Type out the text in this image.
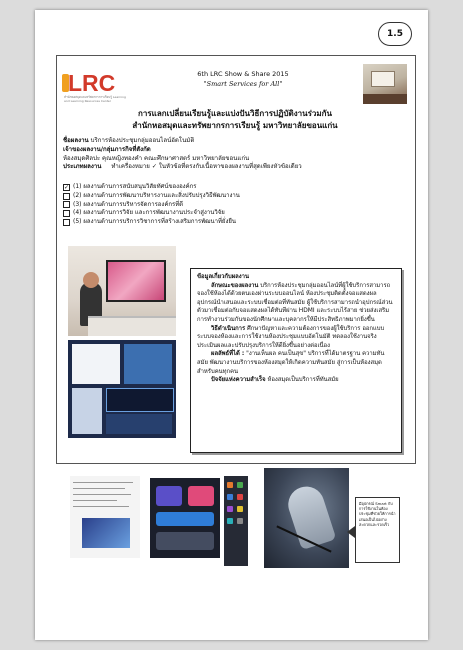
1.5
LRC
สำนักหอสมุดและทรัพยากรการเรียนรู้ Learning and Learning Resources Center
6th LRC Show & Share 2015
"Smart Services for All"
การแลกเปลี่ยนเรียนรู้และแบ่งปันวิธีการปฏิบัติงานร่วมกัน
สำนักหอสมุดและทรัพยากรการเรียนรู้ มหาวิทยาลัยขอนแก่น
ชื่อผลงาน บริการห้องประชุมกลุ่มออนไลน์อัตโนมัติ
เจ้าของผลงาน/กลุ่มภารกิจที่สังกัด
ห้องสมุดศิลปะ คุณหญิงทองคำ คณะศึกษาศาสตร์ มหาวิทยาลัยขอนแก่น
ประเภทผลงาน ทำเครื่องหมาย ✓ ในหัวข้อที่ตรงกับเนื้อหาของผลงานที่สุดเพียงหัวข้อเดียว
✓ (1) ผลงานด้านการสนับสนุนวิสัยทัศน์ขององค์กร
(2) ผลงานด้านการพัฒนาบริหารงานและสิ่งปรับปรุงวิธีพัฒนางาน
(3) ผลงานด้านการบริหารจัดการองค์กรที่ดี
(4) ผลงานด้านการวิจัย และการพัฒนางานประจำสู่งานวิจัย
(5) ผลงานด้านการบริการวิชาการที่สร้างเสริมการพัฒนาที่ยั่งยืน
ข้อมูลเกี่ยวกับผลงาน

ลักษณะของผลงาน บริการห้องประชุมกลุ่มออนไลน์ที่ผู้ใช้บริการสามารถจองใช้ห้องได้ด้วยตนเองผ่านระบบออนไลน์ ห้องประชุมติดตั้งจอแสดงผลอุปกรณ์นำเสนอและระบบเชื่อมต่อที่ทันสมัย ผู้ใช้บริการสามารถนำอุปกรณ์ส่วนตัวมาเชื่อมต่อกับจอแสดงผลได้ทันทีผ่าน HDMI และระบบไร้สาย ช่วยส่งเสริมการทำงานร่วมกันของนักศึกษาและบุคลากรให้มีประสิทธิภาพมากยิ่งขึ้น

วิธีดำเนินการ ศึกษาปัญหาและความต้องการของผู้ใช้บริการ ออกแบบระบบจองห้องและการใช้งานห้องประชุมแบบอัตโนมัติ ทดลองใช้งานจริง ประเมินผลและปรับปรุงบริการให้ดียิ่งขึ้นอย่างต่อเนื่อง

ผลลัพธ์ที่ได้ : "งานเห็นผล คนเป็นสุข" บริการที่ได้มาตรฐาน ความทันสมัย พัฒนางานบริการของห้องสมุดให้เกิดความทันสมัย สู่การเป็นห้องสมุดสำหรับคนทุกคน

ปัจจัยแห่งความสำเร็จ ห้องสมุดเป็นบริการที่ทันสมัย

มีอุปกรณ์ Smart กับการใช้งานในห้องประชุมที่ช่วยให้การนำเสนอเป็นไปอย่างสะดวกและรวดเร็ว
